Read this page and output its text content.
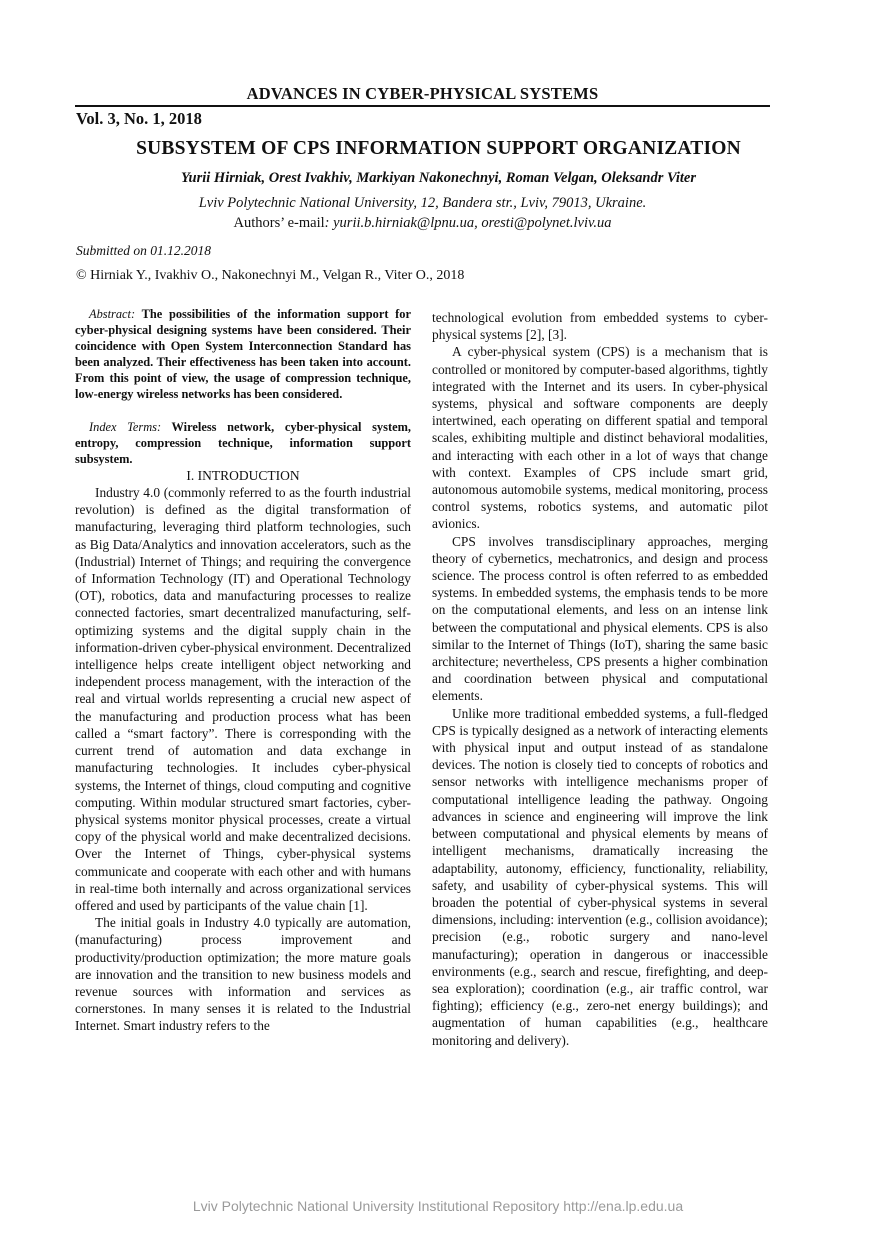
ADVANCES IN CYBER-PHYSICAL SYSTEMS
Vol. 3, No. 1, 2018
SUBSYSTEM OF CPS INFORMATION SUPPORT ORGANIZATION
Yurii Hirniak, Orest Ivakhiv, Markiyan Nakonechnyi, Roman Velgan, Oleksandr Viter
Lviv Polytechnic National University, 12, Bandera str., Lviv, 79013, Ukraine.
Authors’ e-mail: yurii.b.hirniak@lpnu.ua, oresti@polynet.lviv.ua
Submitted on 01.12.2018
© Hirniak Y., Ivakhiv O., Nakonechnyi M., Velgan R., Viter O., 2018

Abstract: The possibilities of the information support for cyber-physical designing systems have been considered. Their coincidence with Open System Interconnection Standard has been analyzed. Their effectiveness has been taken into account. From this point of view, the usage of compression technique, low-energy wireless networks has been considered.

Index Terms: Wireless network, cyber-physical system, entropy, compression technique, information support subsystem.

I. INTRODUCTION

Industry 4.0 (commonly referred to as the fourth industrial revolution) is defined as the digital transformation of manufacturing, leveraging third platform technologies, such as Big Data/Analytics and innovation accelerators, such as the (Industrial) Internet of Things; and requiring the convergence of Information Technology (IT) and Operational Technology (OT), robotics, data and manufacturing processes to realize connected factories, smart decentralized manufacturing, self-optimizing systems and the digital supply chain in the information-driven cyber-physical environment. Decentralized intelligence helps create intelligent object networking and independent process management, with the interaction of the real and virtual worlds representing a crucial new aspect of the manufacturing and production process what has been called a “smart factory”. There is corresponding with the current trend of automation and data exchange in manufacturing technologies. It includes cyber-physical systems, the Internet of things, cloud computing and cognitive computing. Within modular structured smart factories, cyber-physical systems monitor physical processes, create a virtual copy of the physical world and make decentralized decisions. Over the Internet of Things, cyber-physical systems communicate and cooperate with each other and with humans in real-time both internally and across organizational services offered and used by participants of the value chain [1].

The initial goals in Industry 4.0 typically are automation, (manufacturing) process improvement and productivity/production optimization; the more mature goals are innovation and the transition to new business models and revenue sources with information and services as cornerstones. In many senses it is related to the Industrial Internet. Smart industry refers to the

technological evolution from embedded systems to cyber-physical systems [2], [3].

A cyber-physical system (CPS) is a mechanism that is controlled or monitored by computer-based algorithms, tightly integrated with the Internet and its users. In cyber-physical systems, physical and software components are deeply intertwined, each operating on different spatial and temporal scales, exhibiting multiple and distinct behavioral modalities, and interacting with each other in a lot of ways that change with context. Examples of CPS include smart grid, autonomous automobile systems, medical monitoring, process control systems, robotics systems, and automatic pilot avionics.

CPS involves transdisciplinary approaches, merging theory of cybernetics, mechatronics, and design and process science. The process control is often referred to as embedded systems. In embedded systems, the emphasis tends to be more on the computational elements, and less on an intense link between the computational and physical elements. CPS is also similar to the Internet of Things (IoT), sharing the same basic architecture; nevertheless, CPS presents a higher combination and coordination between physical and computational elements.

Unlike more traditional embedded systems, a full-fledged CPS is typically designed as a network of interacting elements with physical input and output instead of as standalone devices. The notion is closely tied to concepts of robotics and sensor networks with intelligence mechanisms proper of computational intelligence leading the pathway. Ongoing advances in science and engineering will improve the link between computational and physical elements by means of intelligent mechanisms, dramatically increasing the adaptability, autonomy, efficiency, functionality, reliability, safety, and usability of cyber-physical systems. This will broaden the potential of cyber-physical systems in several dimensions, including: intervention (e.g., collision avoidance); precision (e.g., robotic surgery and nano-level manufacturing); operation in dangerous or inaccessible environments (e.g., search and rescue, firefighting, and deep-sea exploration); coordination (e.g., air traffic control, war fighting); efficiency (e.g., zero-net energy buildings); and augmentation of human capabilities (e.g., healthcare monitoring and delivery).

Lviv Polytechnic National University Institutional Repository http://ena.lp.edu.ua
